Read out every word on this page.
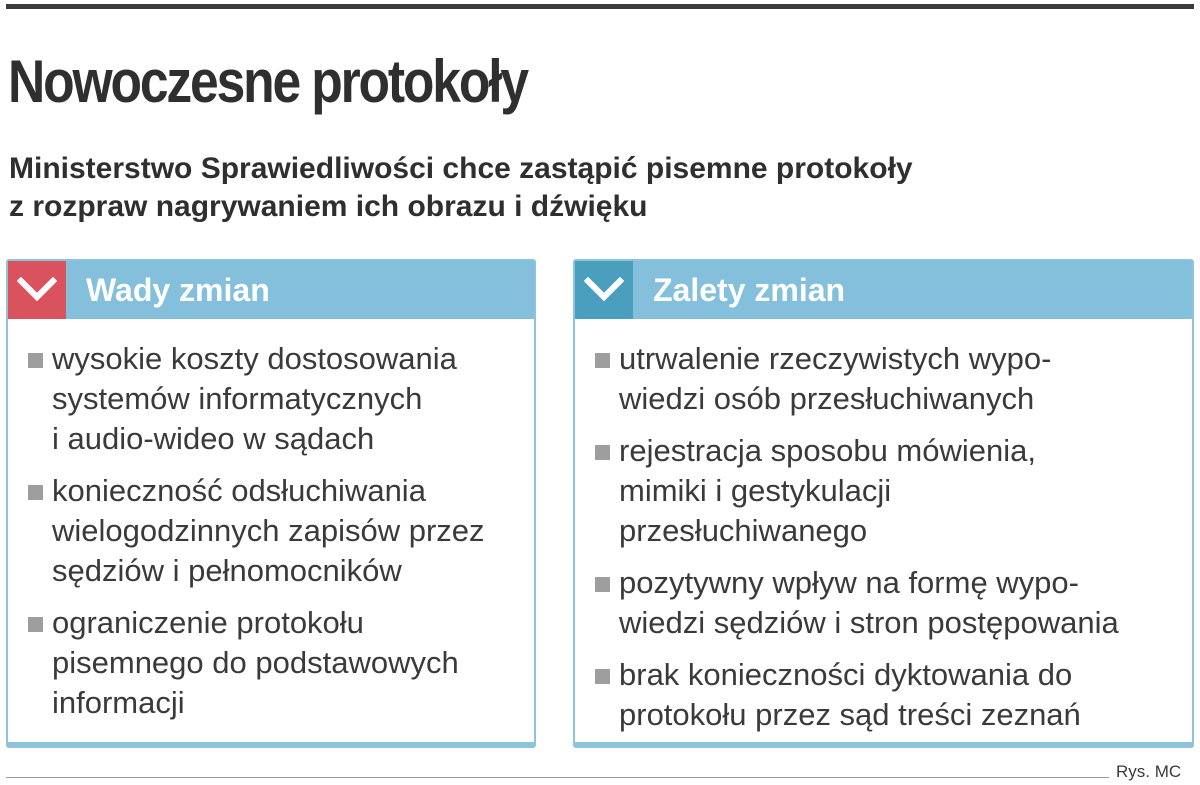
Nowoczesne protokoły
Ministerstwo Sprawiedliwości chce zastąpić pisemne protokoły
z rozpraw nagrywaniem ich obrazu i dźwięku
Wady zmian
wysokie koszty dostosowania
systemów informatycznych
i audio-wideo w sądach
konieczność odsłuchiwania
wielogodzinnych zapisów przez
sędziów i pełnomocników
ograniczenie protokołu
pisemnego do podstawowych
informacji
Zalety zmian
utrwalenie rzeczywistych wypo-
wiedzi osób przesłuchiwanych
rejestracja sposobu mówienia,
mimiki i gestykulacji
przesłuchiwanego
pozytywny wpływ na formę wypo-
wiedzi sędziów i stron postępowania
brak konieczności dyktowania do
protokołu przez sąd treści zeznań
Rys. MC
